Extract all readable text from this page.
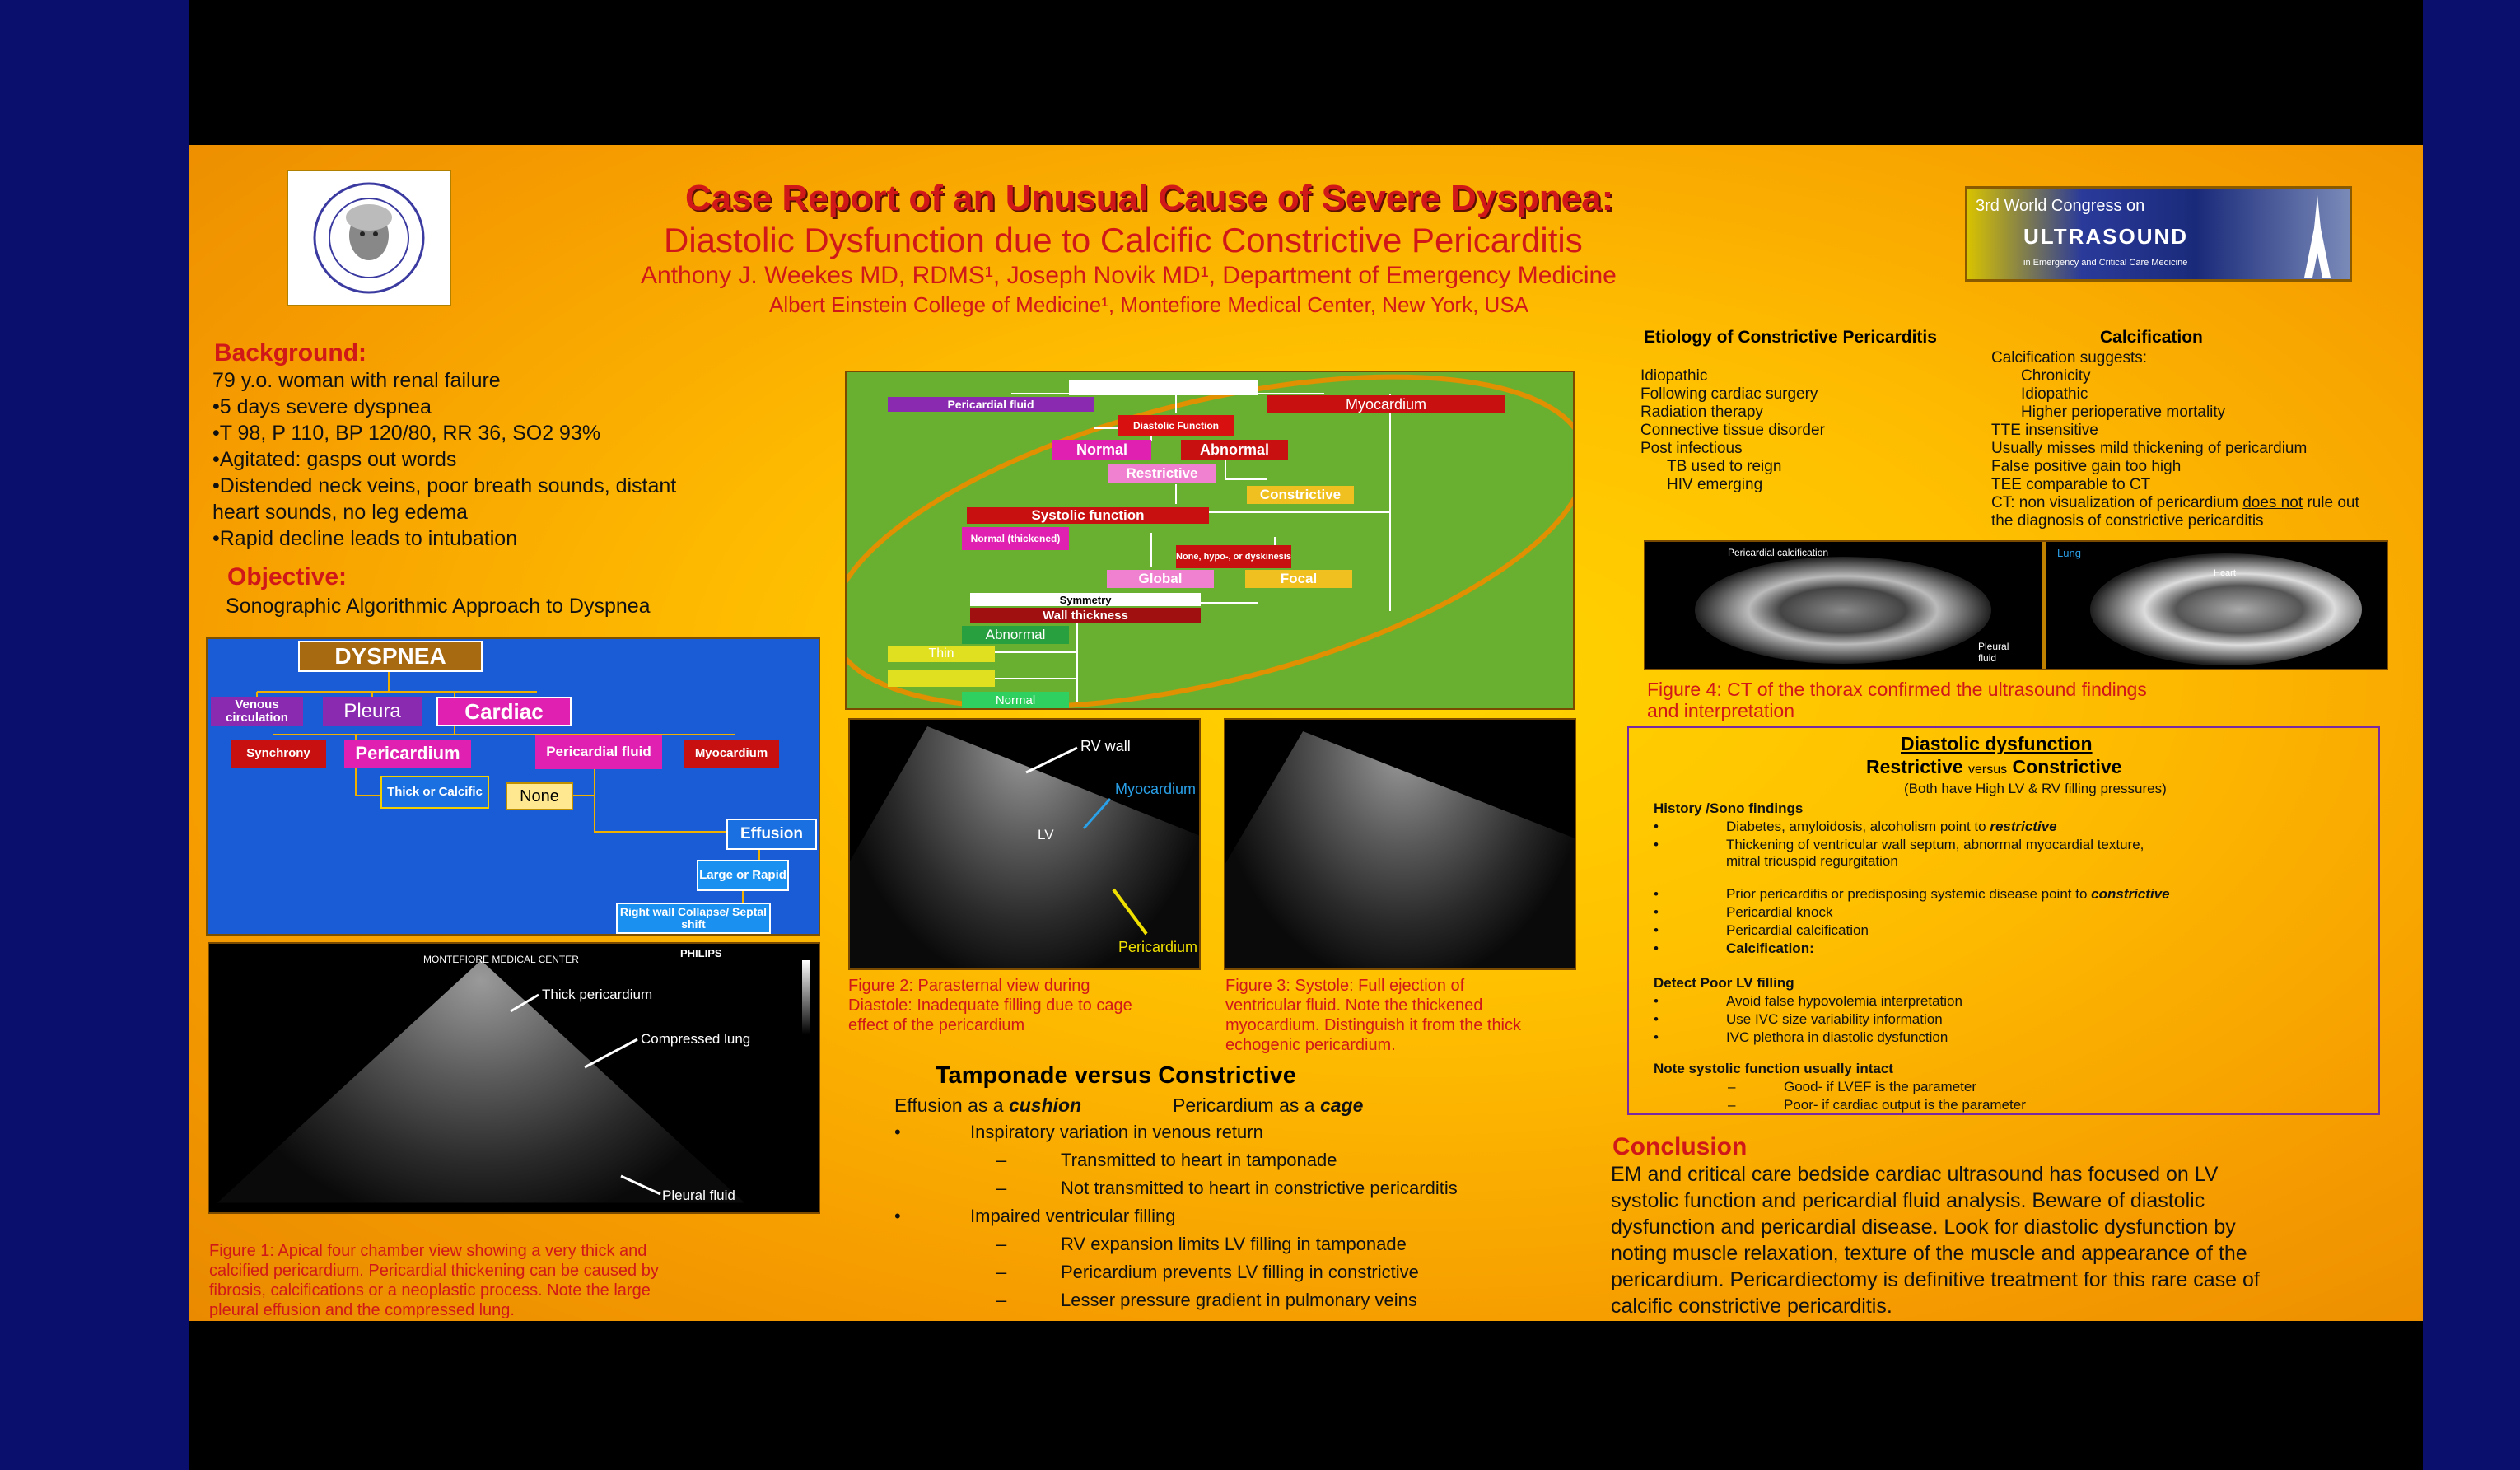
Case Report of an Unusual Cause of Severe Dyspnea:
Diastolic Dysfunction due to Calcific Constrictive Pericarditis
Anthony J. Weekes MD, RDMS¹, Joseph Novik MD¹, Department of Emergency Medicine
Albert Einstein College of Medicine¹, Montefiore Medical Center, New York, USA
3rd World Congress on
ULTRASOUND
in Emergency and Critical Care Medicine
Background:
79 y.o. woman with renal failure
•5 days severe dyspnea
•T 98, P 110, BP 120/80, RR 36, SO2 93%
•Agitated: gasps out words
•Distended neck veins, poor breath sounds, distant
heart sounds, no leg edema
•Rapid decline leads to intubation
Objective:
Sonographic Algorithmic Approach to Dyspnea
DYSPNEA
Venous circulation	Pleura	Cardiac
Synchrony	Pericardium	Pericardial fluid	Myocardium
Thick or Calcific	None
Effusion
Large or Rapid
Right wall Collapse/ Septal shift
MONTEFIORE MEDICAL CENTER	PHILIPS
Thick pericardium
Compressed lung
Pleural fluid
Figure 1: Apical four chamber view showing a very thick and
calcified pericardium. Pericardial thickening can be caused by
fibrosis, calcifications or a neoplastic process. Note the large
pleural effusion and the compressed lung.
Pericardial fluid	Myocardium
Diastolic Function
Normal	Abnormal
Restrictive
Constrictive
Systolic function
Normal (thickened)
None, hypo-, or dyskinesis
Global	Focal
Symmetry
Wall thickness
Abnormal
Thin
Thick
Normal
RV wall
Myocardium
LV
Pericardium
Figure 2: Parasternal view during
Diastole: Inadequate filling due to cage
effect of the pericardium
Figure 3: Systole: Full ejection of
ventricular fluid. Note the thickened
myocardium. Distinguish it from the thick
echogenic pericardium.
Tamponade versus Constrictive
Effusion as a cushion	Pericardium as a cage
•	Inspiratory variation in venous return
–	Transmitted to heart in tamponade
–	Not transmitted to heart in constrictive pericarditis
•	Impaired ventricular filling
–	RV expansion limits LV filling in tamponade
–	Pericardium prevents LV filling in constrictive
–	Lesser pressure gradient in pulmonary veins
Etiology of Constrictive Pericarditis
Idiopathic
Following cardiac surgery
Radiation therapy
Connective tissue disorder
Post infectious
TB used to reign
HIV emerging
Calcification
Calcification suggests:
Chronicity
Idiopathic
Higher perioperative mortality
TTE insensitive
Usually misses mild thickening of pericardium
False positive gain too high
TEE comparable to CT
CT: non visualization of pericardium does not rule out
the diagnosis of constrictive pericarditis
Pericardial calcification	Lung
Pleural fluid
Heart
Figure 4: CT of the thorax confirmed the ultrasound findings
and interpretation
Diastolic dysfunction
Restrictive versus Constrictive
(Both have High LV & RV filling pressures)
History /Sono findings
•	Diabetes, amyloidosis, alcoholism point to restrictive
•	Thickening of ventricular wall septum, abnormal myocardial texture,
mitral tricuspid regurgitation
•	Prior pericarditis or predisposing systemic disease point to constrictive
•	Pericardial knock
•	Pericardial calcification
•	Calcification:
Detect Poor LV filling
•	Avoid false hypovolemia interpretation
•	Use IVC size variability information
•	IVC plethora in diastolic dysfunction
Note systolic function usually intact
–	Good- if LVEF is the parameter
–	Poor- if cardiac output is the parameter
Conclusion
EM and critical care bedside cardiac ultrasound has focused on LV
systolic function and pericardial fluid analysis. Beware of diastolic
dysfunction and pericardial disease. Look for diastolic dysfunction by
noting muscle relaxation, texture of the muscle and appearance of the
pericardium. Pericardiectomy is definitive treatment for this rare case of
calcific constrictive pericarditis.
